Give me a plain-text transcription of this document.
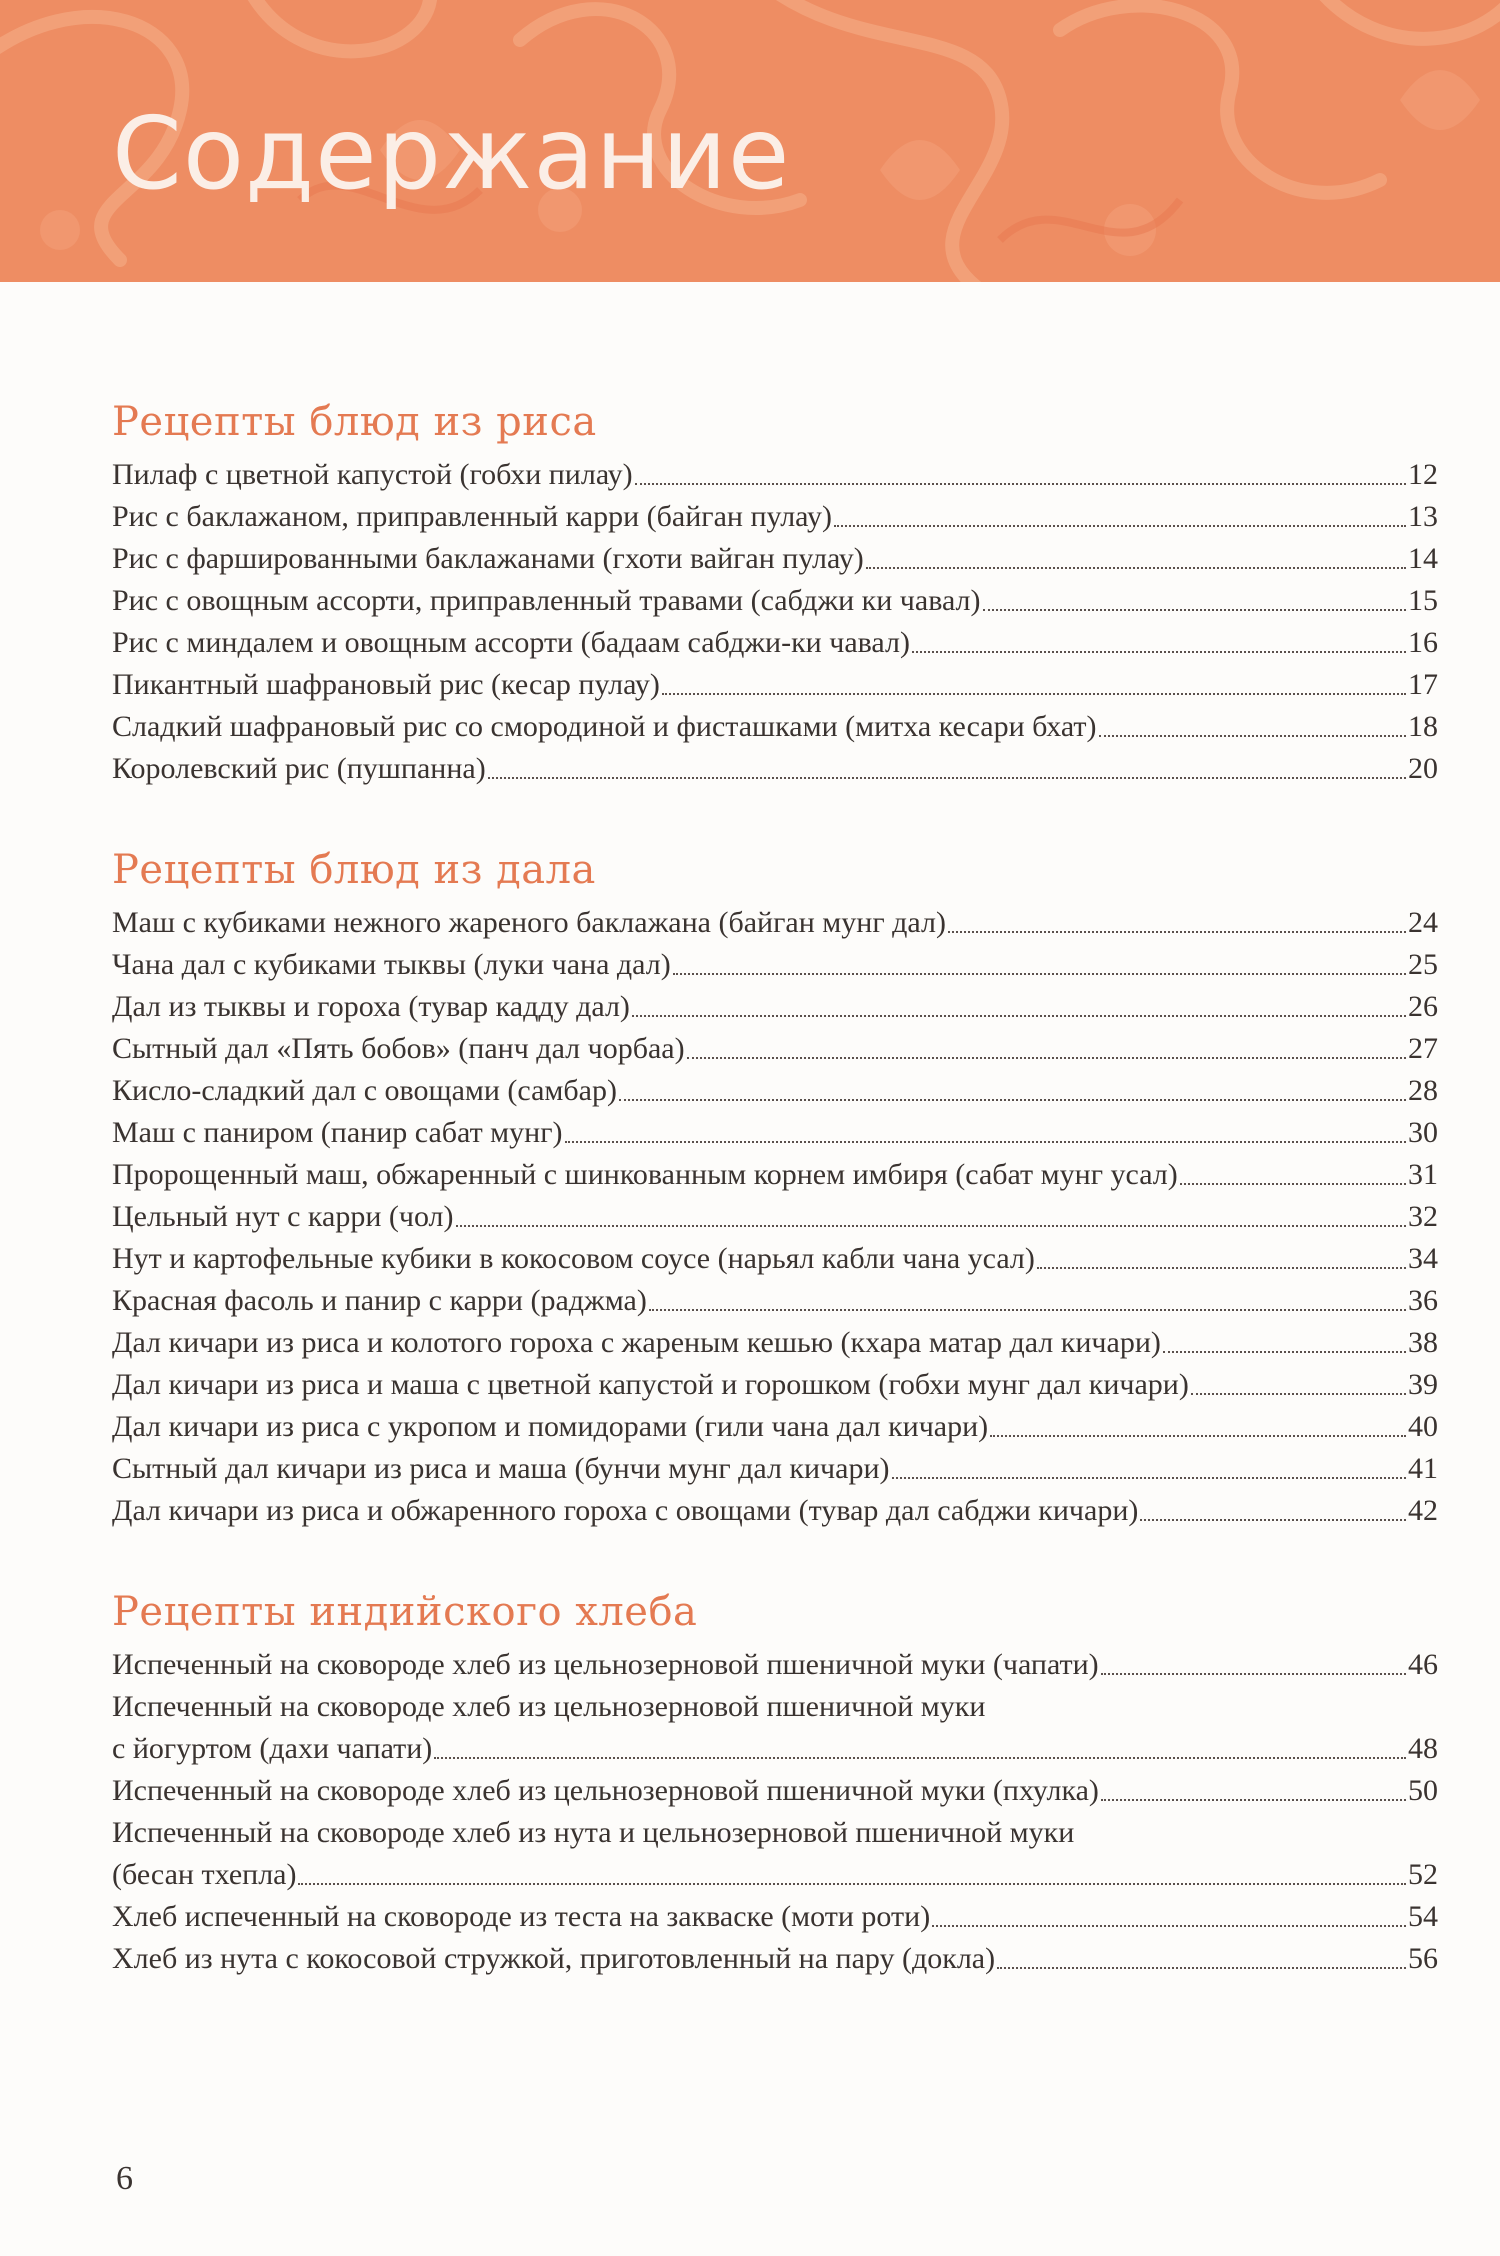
Содержание
Рецепты блюд из риса
Пилаф с цветной капустой (гобхи пилау)	12
Рис с баклажаном, приправленный карри (байган пулау)	13
Рис с фаршированными баклажанами (гхоти вайган пулау)	14
Рис с овощным ассорти, приправленный травами (сабджи ки чавал)	15
Рис с миндалем и овощным ассорти (бадаам сабджи-ки чавал)	16
Пикантный шафрановый рис (кесар пулау)	17
Сладкий шафрановый рис со смородиной и фисташками (митха кесари бхат)	18
Королевский рис (пушпанна)	20
Рецепты блюд из дала
Маш с кубиками нежного жареного баклажана (байган мунг дал)	24
Чана дал с кубиками тыквы (луки чана дал)	25
Дал из тыквы и гороха (тувар кадду дал)	26
Сытный дал «Пять бобов» (панч дал чорбаа)	27
Кисло-сладкий дал с овощами (самбар)	28
Маш с паниром (панир сабат мунг)	30
Пророщенный маш, обжаренный с шинкованным корнем имбиря (сабат мунг усал)	31
Цельный нут с карри (чол)	32
Нут и картофельные кубики в кокосовом соусе (нарьял кабли чана усал)	34
Красная фасоль и панир с карри (раджма)	36
Дал кичари из риса и колотого гороха с жареным кешью (кхара матар дал кичари)	38
Дал кичари из риса и маша с цветной капустой и горошком (гобхи мунг дал кичари)	39
Дал кичари из риса с укропом и помидорами (гили чана дал кичари)	40
Сытный дал кичари из риса и маша (бунчи мунг дал кичари)	41
Дал кичари из риса и обжаренного гороха с овощами (тувар дал сабджи кичари)	42
Рецепты индийского хлеба
Испеченный на сковороде хлеб из цельнозерновой пшеничной муки (чапати)	46
Испеченный на сковороде хлеб из цельнозерновой пшеничной муки
с йогуртом (дахи чапати)	48
Испеченный на сковороде хлеб из цельнозерновой пшеничной муки (пхулка)	50
Испеченный на сковороде хлеб из нута и цельнозерновой пшеничной муки
(бесан тхепла)	52
Хлеб испеченный на сковороде из теста на закваске (моти роти)	54
Хлеб из нута с кокосовой стружкой, приготовленный на пару (докла)	56
6
